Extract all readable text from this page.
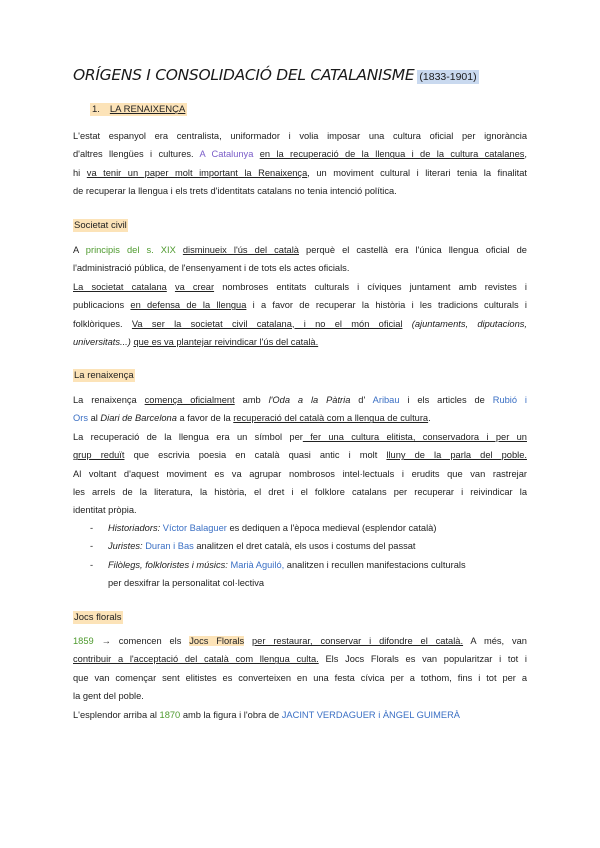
ORÍGENS I CONSOLIDACIÓ DEL CATALANISME (1833-1901)
1. LA RENAIXENÇA
L'estat espanyol era centralista, uniformador i volia imposar una cultura oficial per ignorància
d'altres llengües i cultures. A Catalunya en la recuperació de la llengua i de la cultura catalanes,
hi va tenir un paper molt important la Renaixença, un moviment cultural i literari tenia la finalitat
de recuperar la llengua i els trets d'identitats catalans no tenia intenció política.
Societat civil
A principis del s. XIX disminueix l'ús del català perquè el castellà era l'única llengua oficial de
l'administració pública, de l'ensenyament i de tots els actes oficials.
La societat catalana va crear nombroses entitats culturals i cíviques juntament amb revistes i
publicacions en defensa de la llengua i a favor de recuperar la història i les tradicions culturals i
folklòriques. Va ser la societat civil catalana, i no el món oficial (ajuntaments, diputacions,
universitats...) que es va plantejar reivindicar l'ús del català.
La renaixença
La renaixença comença oficialment amb l'Oda a la Pàtria d' Aribau i els articles de Rubió i
Ors al Diari de Barcelona a favor de la recuperació del català com a llengua de cultura.
La recuperació de la llengua era un símbol per fer una cultura elitista, conservadora i per un
grup reduït que escrivia poesia en català quasi antic i molt lluny de la parla del poble.
Al voltant d'aquest moviment es va agrupar nombrosos intel·lectuals i erudits que van rastrejar
les arrels de la literatura, la història, el dret i el folklore catalans per recuperar i reivindicar la
identitat pròpia.
- Historiadors: Víctor Balaguer es dediquen a l'època medieval (esplendor català)
- Juristes: Duran i Bas analitzen el dret català, els usos i costums del passat
- Filòlegs, folkloristes i músics: Marià Aguiló, analitzen i recullen manifestacions culturals
per desxifrar la personalitat col·lectiva
Jocs florals
1859 → comencen els Jocs Florals per restaurar, conservar i difondre el català. A més, van
contribuir a l'acceptació del català com llengua culta. Els Jocs Florals es van popularitzar i tot i
que van començar sent elitistes es converteixen en una festa cívica per a tothom, fins i tot per a
la gent del poble.
L'esplendor arriba al 1870 amb la figura i l'obra de JACINT VERDAGUER i ÀNGEL GUIMERÀ
